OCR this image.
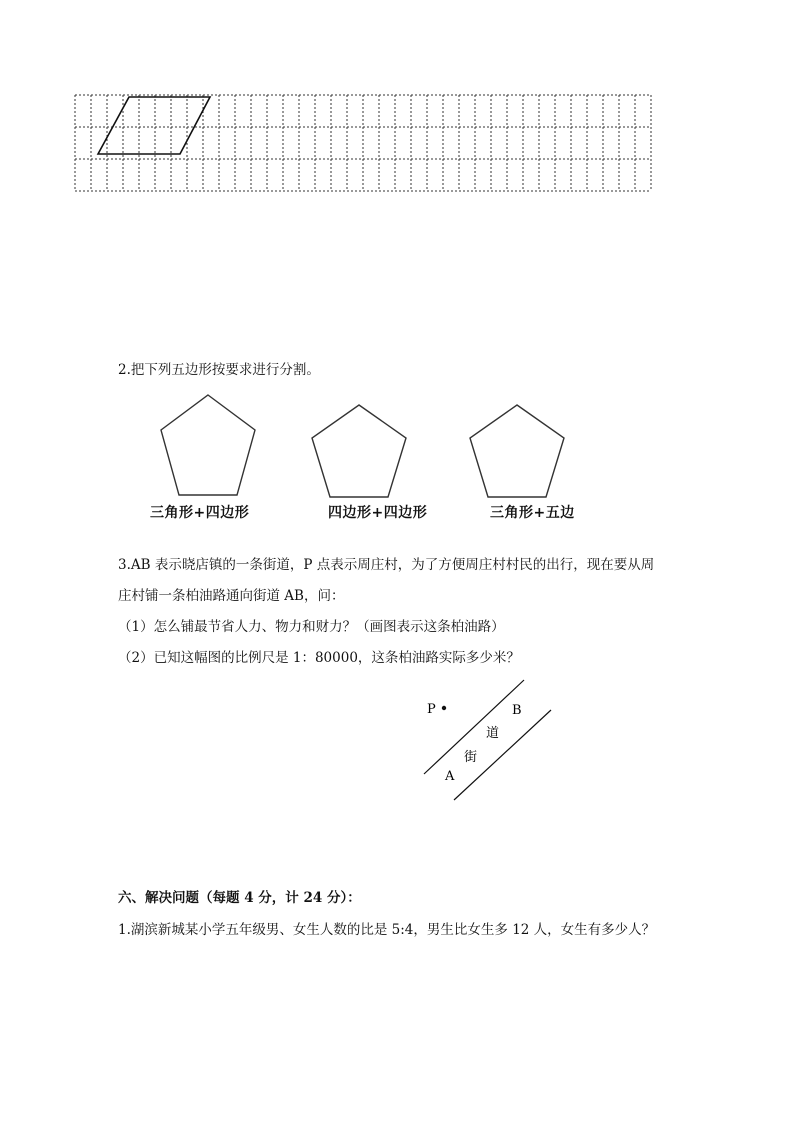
2.把下列五边形按要求进行分割。
三角形+四边形	四边形+四边形	三角形+五边
3.AB 表示晓店镇的一条街道，P 点表示周庄村，为了方便周庄村村民的出行，现在要从周
庄村铺一条柏油路通向街道 AB，问：
（1）怎么铺最节省人力、物力和财力？（画图表示这条柏油路）
（2）已知这幅图的比例尺是 1：80000，这条柏油路实际多少米？
P	B
道
街
A
六、解决问题（每题 4 分，计 24 分）：
1.湖滨新城某小学五年级男、女生人数的比是 5:4，男生比女生多 12 人，女生有多少人？
